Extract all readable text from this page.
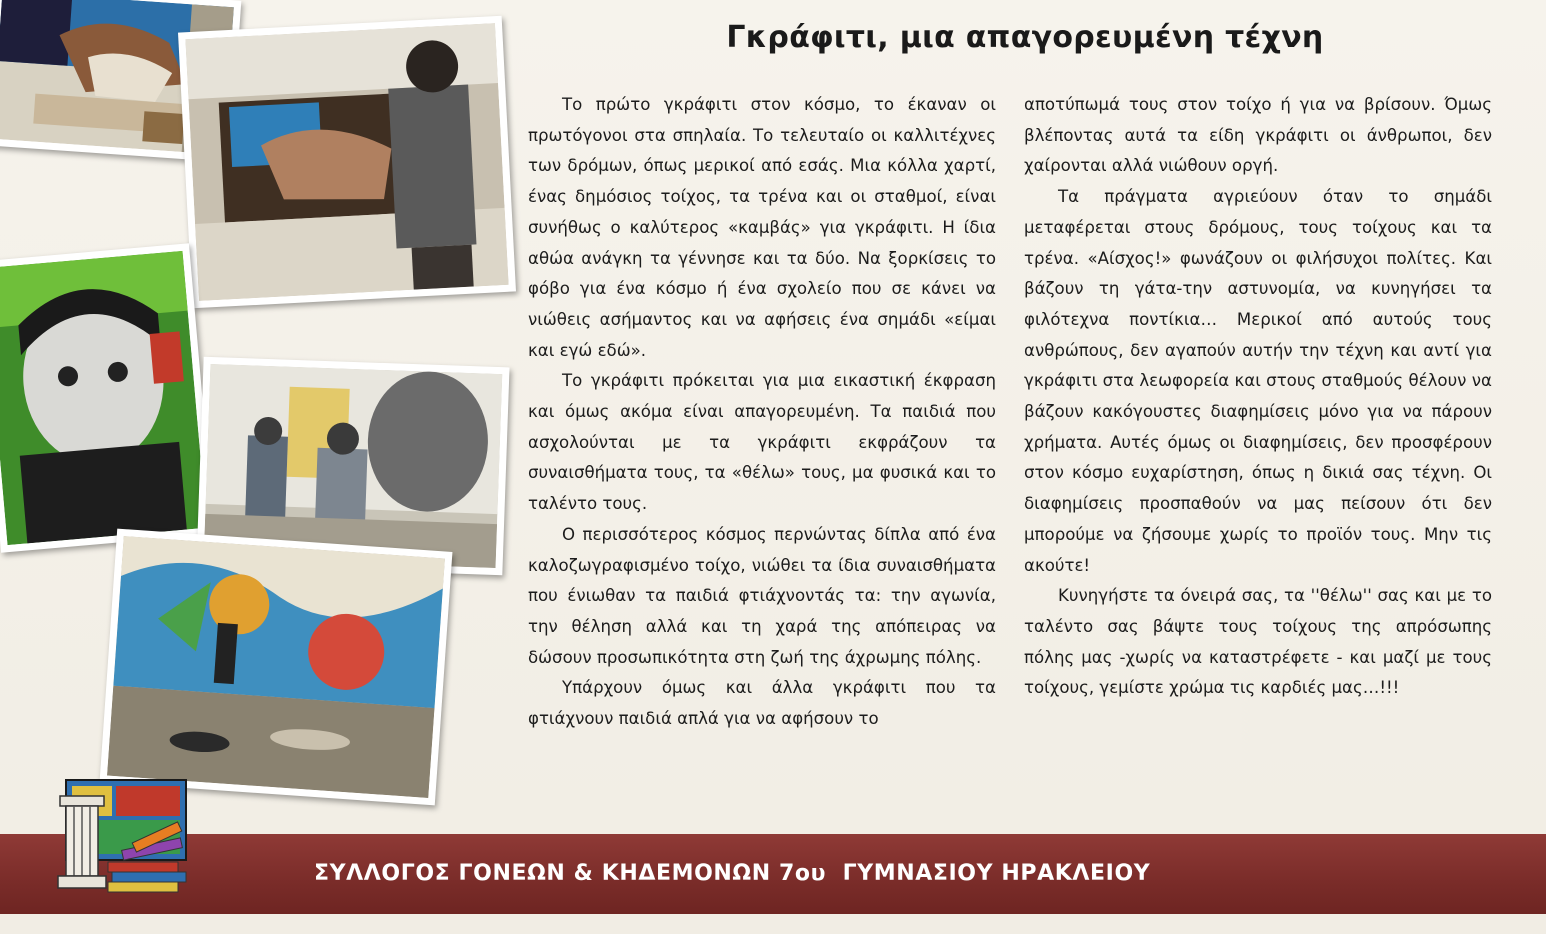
Γκράφιτι, μια απαγορευμένη τέχνη

Το πρώτο γκράφιτι στον κόσμο, το έκαναν οι πρωτόγονοι στα σπηλαία. Το τελευταίο οι καλλιτέχνες των δρόμων, όπως μερικοί από εσάς. Μια κόλλα χαρτί, ένας δημόσιος τοίχος, τα τρένα και οι σταθμοί, είναι συνήθως ο καλύτερος «καμβάς» για γκράφιτι. Η ίδια αθώα ανάγκη τα γέννησε και τα δύο. Να ξορκίσεις το φόβο για ένα κόσμο ή ένα σχολείο που σε κάνει να νιώθεις ασήμαντος και να αφήσεις ένα σημάδι «είμαι και εγώ εδώ».

Το γκράφιτι πρόκειται για μια εικαστική έκφραση και όμως ακόμα είναι απαγορευμένη. Τα παιδιά που ασχολούνται με τα γκράφιτι εκφράζουν τα συναισθήματα τους, τα «θέλω» τους, μα φυσικά και το ταλέντο τους.

Ο περισσότερος κόσμος περνώντας δίπλα από ένα καλοζωγραφισμένο τοίχο, νιώθει τα ίδια συναισθήματα που ένιωθαν τα παιδιά φτιάχνοντάς τα: την αγωνία, την θέληση αλλά και τη χαρά της απόπειρας να δώσουν προσωπικότητα στη ζωή της άχρωμης πόλης.

Υπάρχουν όμως και άλλα γκράφιτι που τα φτιάχνουν παιδιά απλά για να αφήσουν το

αποτύπωμά τους στον τοίχο ή για να βρίσουν. Όμως βλέποντας αυτά τα είδη γκράφιτι οι άνθρωποι, δεν χαίρονται αλλά νιώθουν οργή.

Τα πράγματα αγριεύουν όταν το σημάδι μεταφέρεται στους δρόμους, τους τοίχους και τα τρένα. «Αίσχος!» φωνάζουν οι φιλήσυχοι πολίτες. Και βάζουν τη γάτα-την αστυνομία, να κυνηγήσει τα φιλότεχνα ποντίκια… Μερικοί από αυτούς τους ανθρώπους, δεν αγαπούν αυτήν την τέχνη και αντί για γκράφιτι στα λεωφορεία και στους σταθμούς θέλουν να βάζουν κακόγουστες διαφημίσεις μόνο για να πάρουν χρήματα. Αυτές όμως οι διαφημίσεις, δεν προσφέρουν στον κόσμο ευχαρίστηση, όπως η δικιά σας τέχνη. Οι διαφημίσεις προσπαθούν να μας πείσουν ότι δεν μπορούμε να ζήσουμε χωρίς το προϊόν τους. Μην τις ακούτε!

Κυνηγήστε τα όνειρά σας, τα ''θέλω'' σας και με το ταλέντο σας βάψτε τους τοίχους της απρόσωπης πόλης μας -χωρίς να καταστρέφετε - και μαζί με τους τοίχους, γεμίστε χρώμα τις καρδιές μας…!!!

ΣΥΛΛΟΓΟΣ ΓΟΝΕΩΝ & ΚΗΔΕΜΟΝΩΝ 7ου ΓΥΜΝΑΣΙΟΥ ΗΡΑΚΛΕΙΟΥ
